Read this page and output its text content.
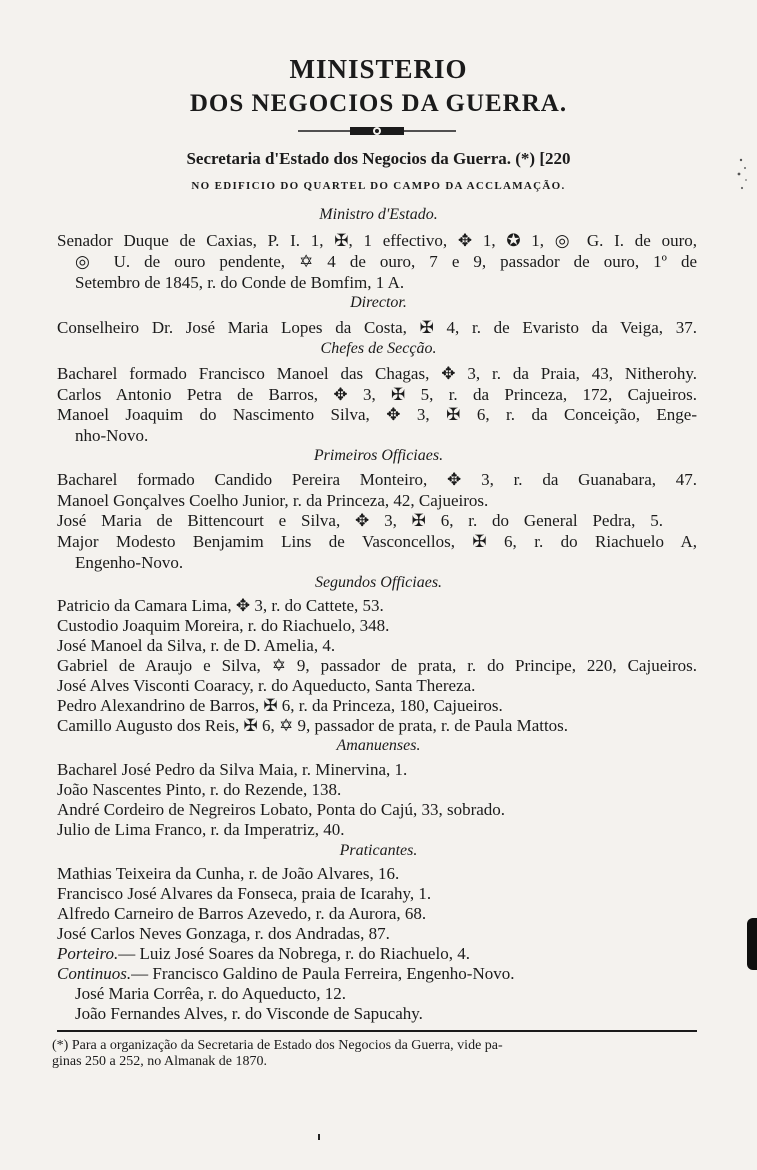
MINISTERIO
DOS NEGOCIOS DA GUERRA.
Secretaria d'Estado dos Negocios da Guerra. (*) [220
NO EDIFICIO DO QUARTEL DO CAMPO DA ACCLAMAÇÃO.
Ministro d'Estado.
Senador Duque de Caxias, P. I. 1, ✠, 1 effectivo, ✥ 1, ✪ 1, ◎ G. I. de ouro,
◎ U. de ouro pendente, ✡ 4 de ouro, 7 e 9, passador de ouro, 1º de
Setembro de 1845, r. do Conde de Bomfim, 1 A.
Director.
Conselheiro Dr. José Maria Lopes da Costa, ✠ 4, r. de Evaristo da Veiga, 37.
Chefes de Secção.
Bacharel formado Francisco Manoel das Chagas, ✥ 3, r. da Praia, 43, Nitherohy.
Carlos Antonio Petra de Barros, ✥ 3, ✠ 5, r. da Princeza, 172, Cajueiros.
Manoel Joaquim do Nascimento Silva, ✥ 3, ✠ 6, r. da Conceição, Enge-
nho-Novo.
Primeiros Officiaes.
Bacharel formado Candido Pereira Monteiro, ✥ 3, r. da Guanabara, 47.
Manoel Gonçalves Coelho Junior, r. da Princeza, 42, Cajueiros.
José Maria de Bittencourt e Silva, ✥ 3, ✠ 6, r. do General Pedra, 5.
Major Modesto Benjamim Lins de Vasconcellos, ✠ 6, r. do Riachuelo A,
Engenho-Novo.
Segundos Officiaes.
Patricio da Camara Lima, ✥ 3, r. do Cattete, 53.
Custodio Joaquim Moreira, r. do Riachuelo, 348.
José Manoel da Silva, r. de D. Amelia, 4.
Gabriel de Araujo e Silva, ✡ 9, passador de prata, r. do Principe, 220, Cajueiros.
José Alves Visconti Coaracy, r. do Aqueducto, Santa Thereza.
Pedro Alexandrino de Barros, ✠ 6, r. da Princeza, 180, Cajueiros.
Camillo Augusto dos Reis, ✠ 6, ✡ 9, passador de prata, r. de Paula Mattos.
Amanuenses.
Bacharel José Pedro da Silva Maia, r. Minervina, 1.
João Nascentes Pinto, r. do Rezende, 138.
André Cordeiro de Negreiros Lobato, Ponta do Cajú, 33, sobrado.
Julio de Lima Franco, r. da Imperatriz, 40.
Praticantes.
Mathias Teixeira da Cunha, r. de João Alvares, 16.
Francisco José Alvares da Fonseca, praia de Icarahy, 1.
Alfredo Carneiro de Barros Azevedo, r. da Aurora, 68.
José Carlos Neves Gonzaga, r. dos Andradas, 87.
Porteiro.— Luiz José Soares da Nobrega, r. do Riachuelo, 4.
Continuos.— Francisco Galdino de Paula Ferreira, Engenho-Novo.
José Maria Corrêa, r. do Aqueducto, 12.
João Fernandes Alves, r. do Visconde de Sapucahy.
(*) Para a organização da Secretaria de Estado dos Negocios da Guerra, vide pa-
ginas 250 a 252, no Almanak de 1870.
